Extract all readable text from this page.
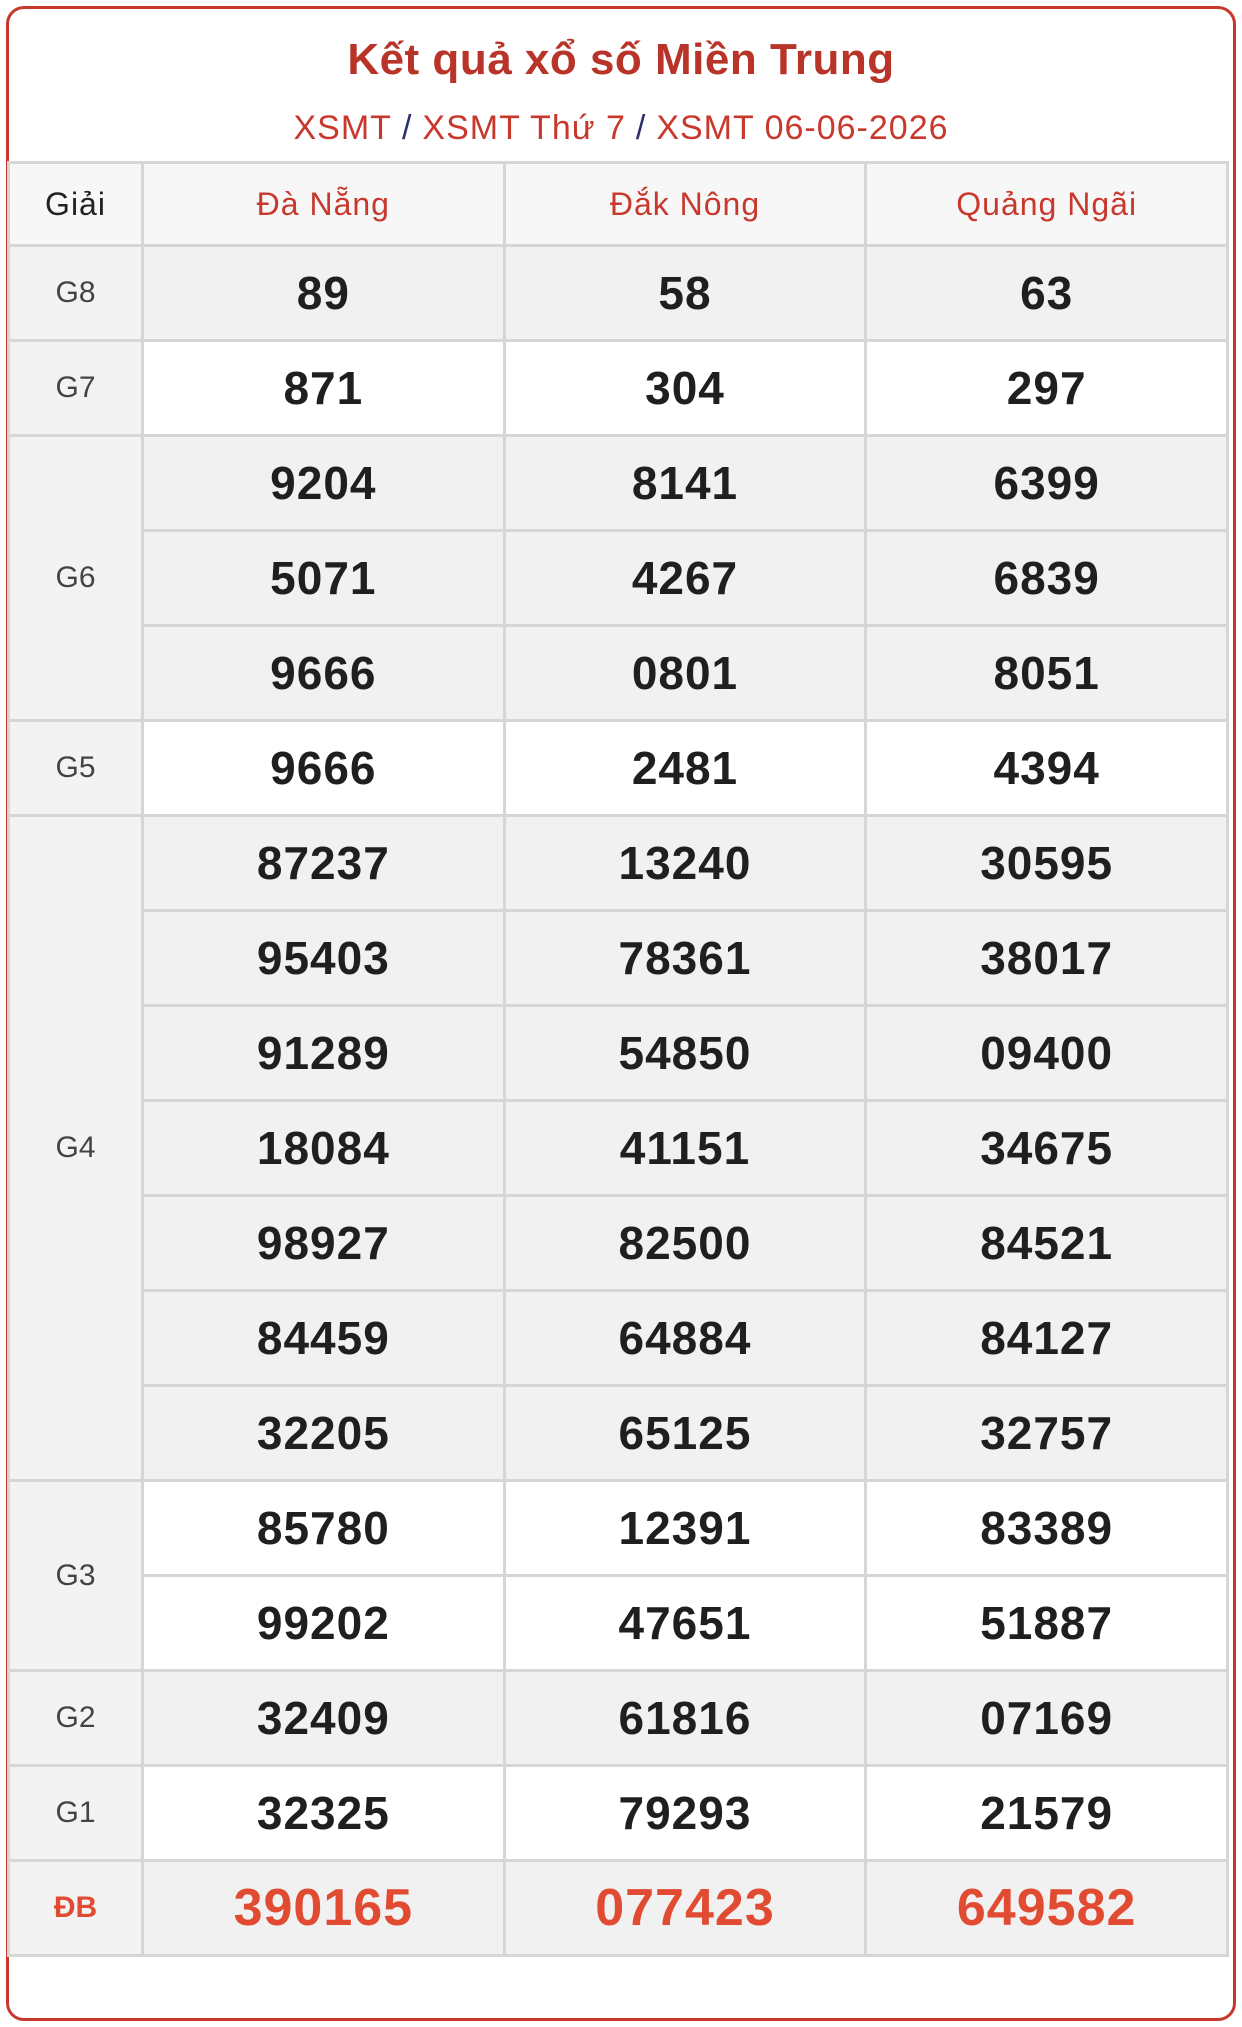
Kết quả xổ số Miền Trung
XSMT / XSMT Thứ 7 / XSMT 06-06-2026
Giải	Đà Nẵng	Đắk Nông	Quảng Ngãi
G8	89	58	63
G7	871	304	297
G6	9204	8141	6399
	5071	4267	6839
	9666	0801	8051
G5	9666	2481	4394
G4	87237	13240	30595
	95403	78361	38017
	91289	54850	09400
	18084	41151	34675
	98927	82500	84521
	84459	64884	84127
	32205	65125	32757
G3	85780	12391	83389
	99202	47651	51887
G2	32409	61816	07169
G1	32325	79293	21579
ĐB	390165	077423	649582
